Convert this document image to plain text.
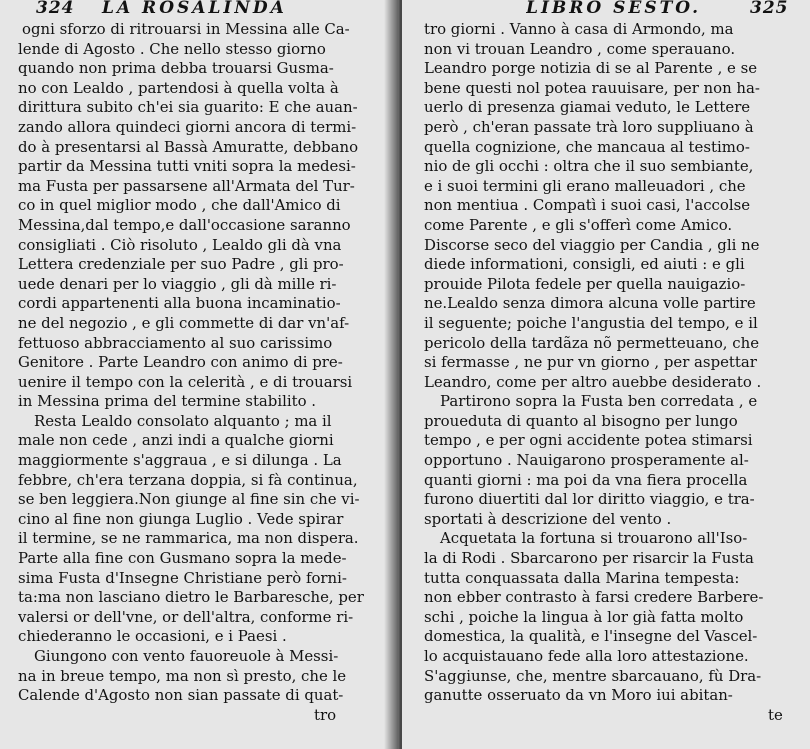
324

LA ROSALINDA

ogni sforzo di ritrouarsi in Messina alle Ca-
lende di Agosto . Che nello stesso giorno
quando non prima debba trouarsi Gusma-
no con Lealdo , partendosi à quella volta à
dirittura subito ch'ei sia guarito: E che auan-
zando allora quindeci giorni ancora di termi-
do à presentarsi al Bassà Amuratte, debbano
partir da Messina tutti vniti sopra la medesi-
ma Fusta per passarsene all'Armata del Tur-
co in quel miglior modo , che dall'Amico di
Messina,dal tempo,e dall'occasione saranno
consigliati . Ciò risoluto , Lealdo gli dà vna
Lettera credenziale per suo Padre , gli pro-
uede denari per lo viaggio , gli dà mille ri-
cordi appartenenti alla buona incaminatio-
ne del negozio , e gli commette di dar vn'af-
fettuoso abbracciamento al suo carissimo
Genitore . Parte Leandro con animo di pre-
uenire il tempo con la celerità , e di trouarsi
in Messina prima del termine stabilito .
Resta Lealdo consolato alquanto ; ma il
male non cede , anzi indi a qualche giorni
maggiormente s'aggraua , e si dilunga . La
febbre, ch'era terzana doppia, si fà continua,
se ben leggiera.Non giunge al fine sin che vi-
cino al fine non giunga Luglio . Vede spirar
il termine, se ne rammarica, ma non dispera.
Parte alla fine con Gusmano sopra la mede-
sima Fusta d'Insegne Christiane però forni-
ta:ma non lasciano dietro le Barbaresche, per
valersi or dell'vne, or dell'altra, conforme ri-
chiederanno le occasioni, e i Paesi .
Giungono con vento fauoreuole à Messi-
na in breue tempo, ma non sì presto, che le
Calende d'Agosto non sian passate di quat-
tro

LIBRO SESTO.

	325

tro giorni . Vanno à casa di Armondo, ma
non vi trouan Leandro , come sperauano.
Leandro porge notizia di se al Parente , e se
bene questi nol potea rauuisare, per non ha-
uerlo di presenza giamai veduto, le Lettere
però , ch'eran passate trà loro suppliuano à
quella cognizione, che mancaua al testimo-
nio de gli occhi : oltra che il suo sembiante,
e i suoi termini gli erano malleuadori , che
non mentiua . Compatì i suoi casi, l'accolse
come Parente , e gli s'offerì come Amico.
Discorse seco del viaggio per Candia , gli ne
diede informationi, consigli, ed aiuti : e gli
prouide Pilota fedele per quella nauigazio-
ne.Lealdo senza dimora alcuna volle partire
il seguente; poiche l'angustia del tempo, e il
pericolo della tardãza nõ permetteuano, che
si fermasse , ne pur vn giorno , per aspettar
Leandro, come per altro auebbe desiderato .
Partirono sopra la Fusta ben corredata , e
proueduta di quanto al bisogno per lungo
tempo , e per ogni accidente potea stimarsi
opportuno . Nauigarono prosperamente al-
quanti giorni : ma poi da vna fiera procella
furono diuertiti dal lor diritto viaggio, e tra-
sportati à descrizione del vento .
Acquetata la fortuna si trouarono all'Iso-
la di Rodi . Sbarcarono per risarcir la Fusta
tutta conquassata dalla Marina tempesta:
non ebber contrasto à farsi credere Barbere-
schi , poiche la lingua à lor già fatta molto
domestica, la qualità, e l'insegne del Vascel-
lo acquistauano fede alla loro attestazione.
S'aggiunse, che, mentre sbarcauano, fù Dra-
ganutte osseruato da vn Moro iui abitan-
te
